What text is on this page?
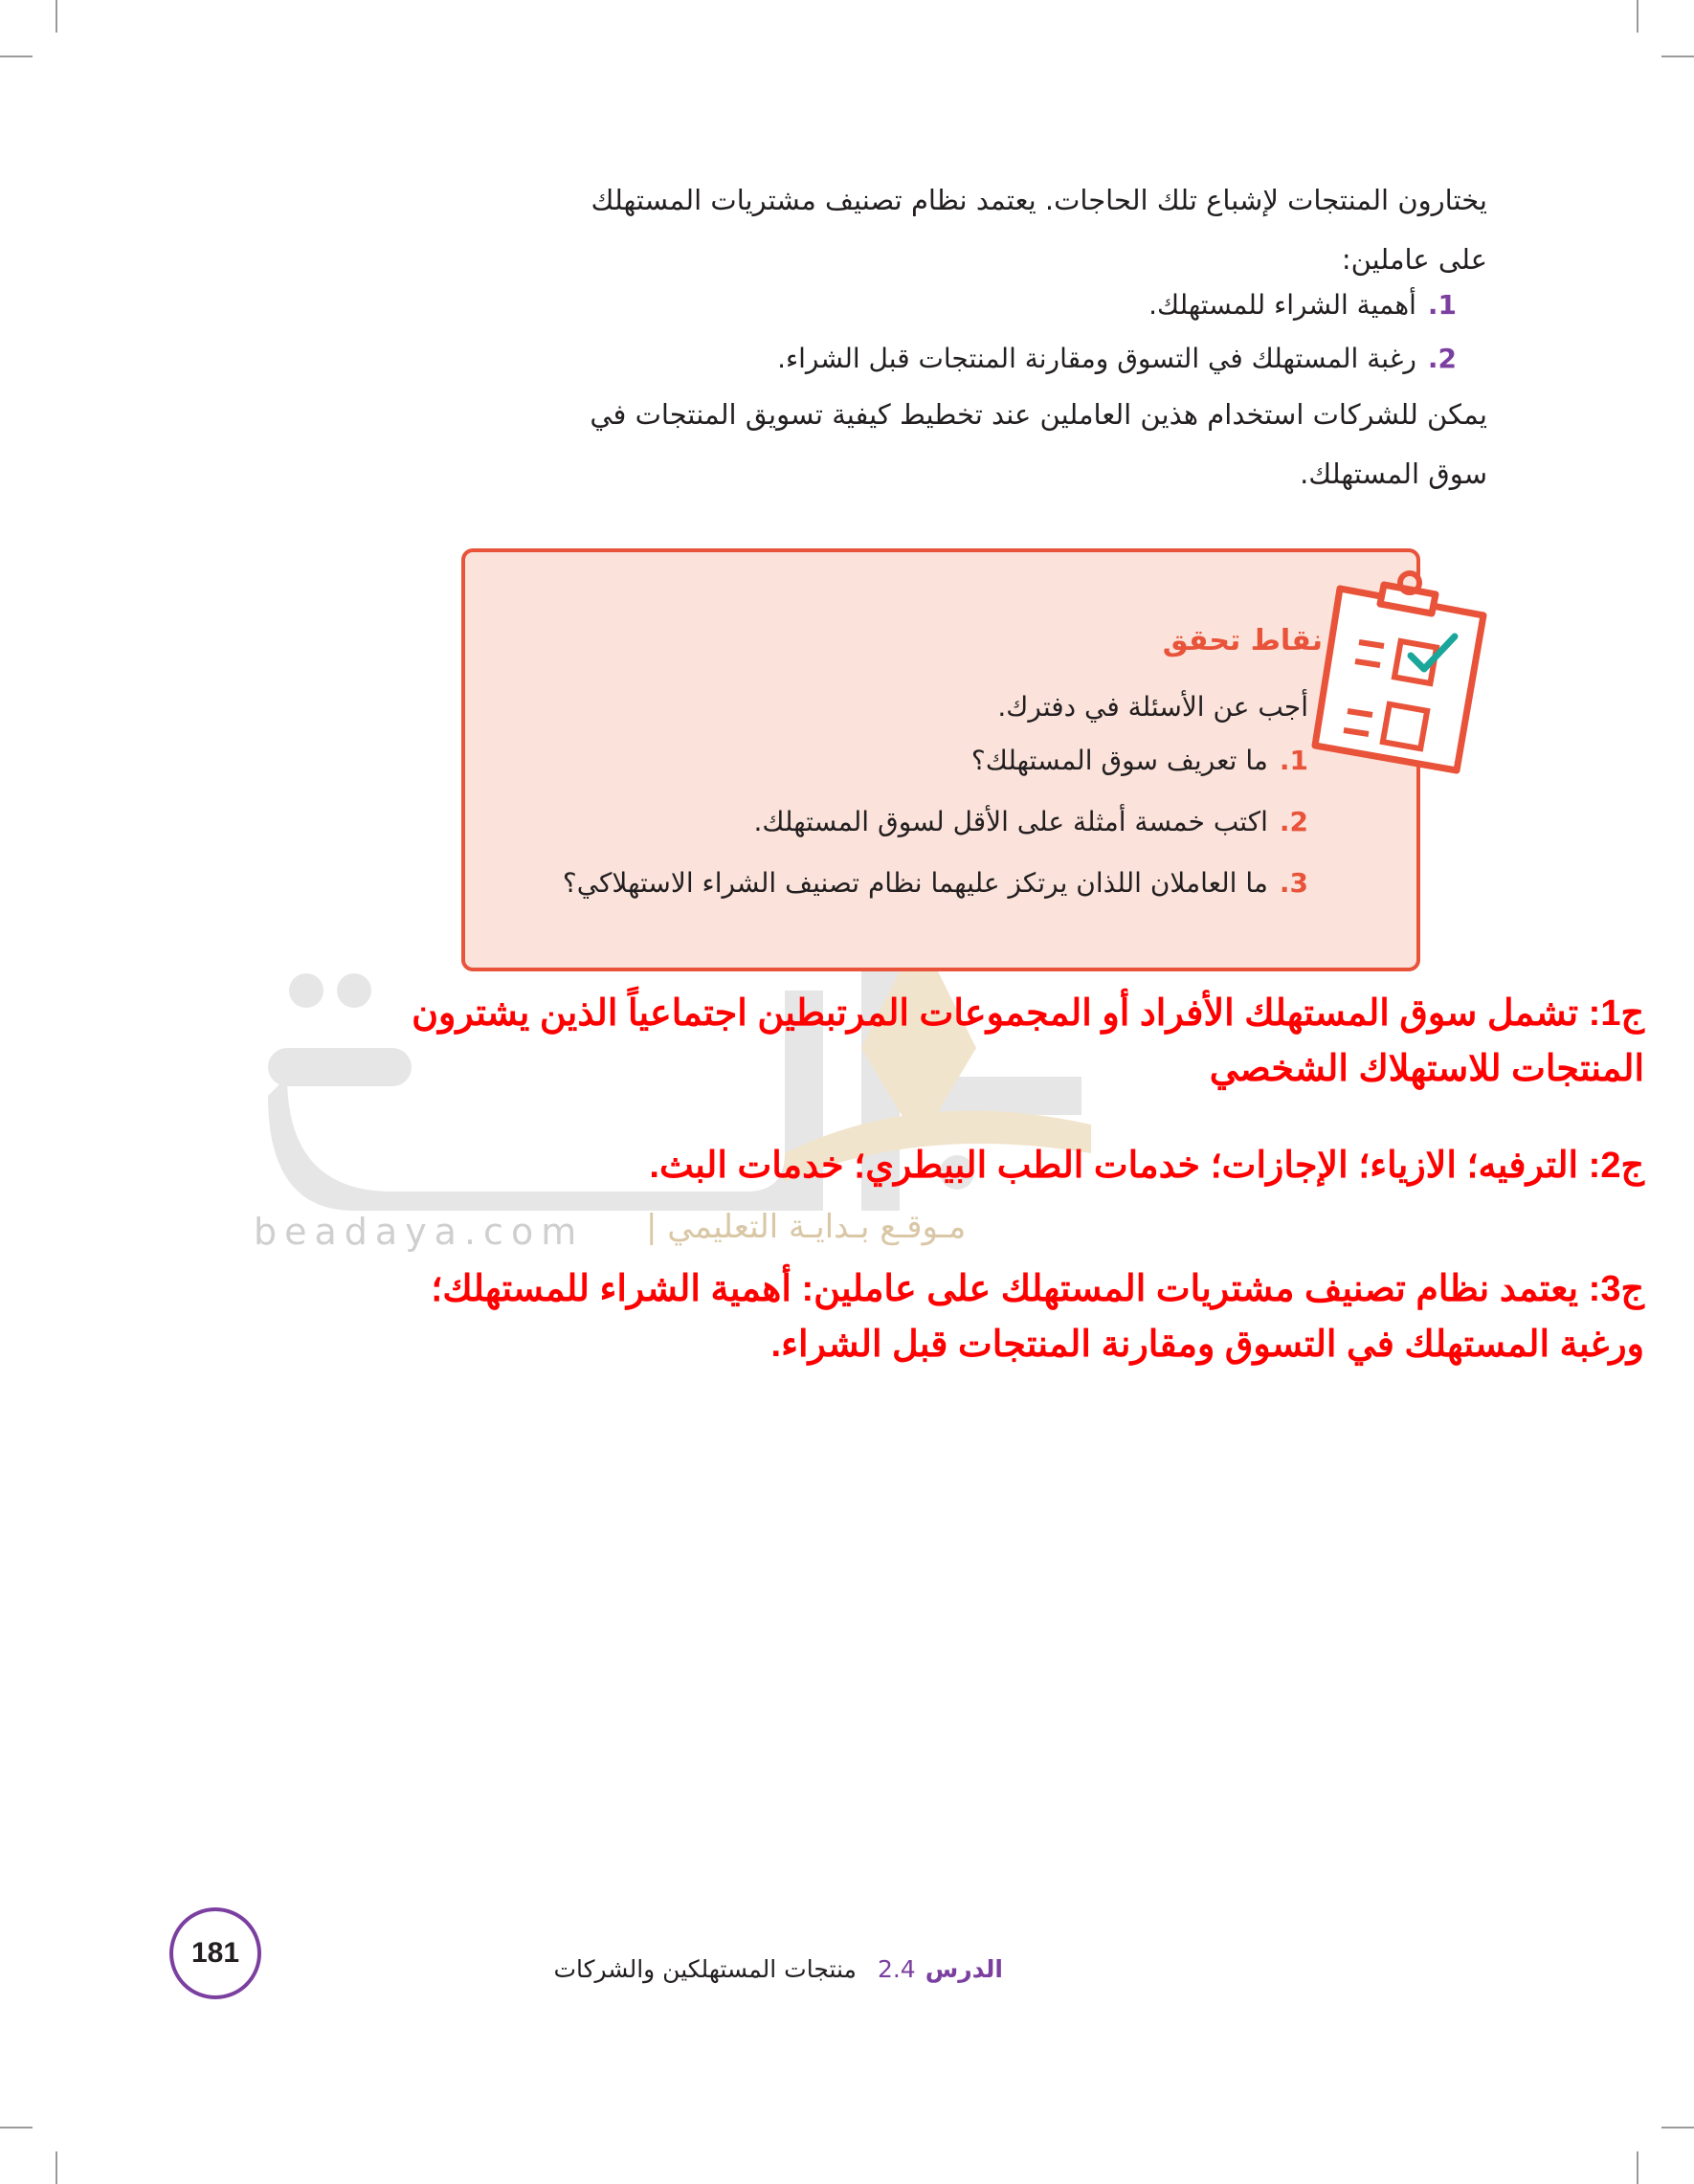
beadaya.com مـوقـع بـدايـة التعليمي |
يختارون المنتجات لإشباع تلك الحاجات. يعتمد نظام تصنيف مشتريات المستهلك
على عاملين:
1.أهمية الشراء للمستهلك.
2.رغبة المستهلك في التسوق ومقارنة المنتجات قبل الشراء.
يمكن للشركات استخدام هذين العاملين عند تخطيط كيفية تسويق المنتجات في
سوق المستهلك.
نقاط تحقق
أجب عن الأسئلة في دفترك.
1.ما تعريف سوق المستهلك؟
2.اكتب خمسة أمثلة على الأقل لسوق المستهلك.
3.ما العاملان اللذان يرتكز عليهما نظام تصنيف الشراء الاستهلاكي؟
ج1: تشمل سوق المستهلك الأفراد أو المجموعات المرتبطين اجتماعياً الذين يشترون
المنتجات للاستهلاك الشخصي
ج2: الترفيه؛ الازياء؛ الإجازات؛ خدمات الطب البيطري؛ خدمات البث.
ج3: يعتمد نظام تصنيف مشتريات المستهلك على عاملين: أهمية الشراء للمستهلك؛
ورغبة المستهلك في التسوق ومقارنة المنتجات قبل الشراء.
181
الدرس2.4منتجات المستهلكين والشركات
